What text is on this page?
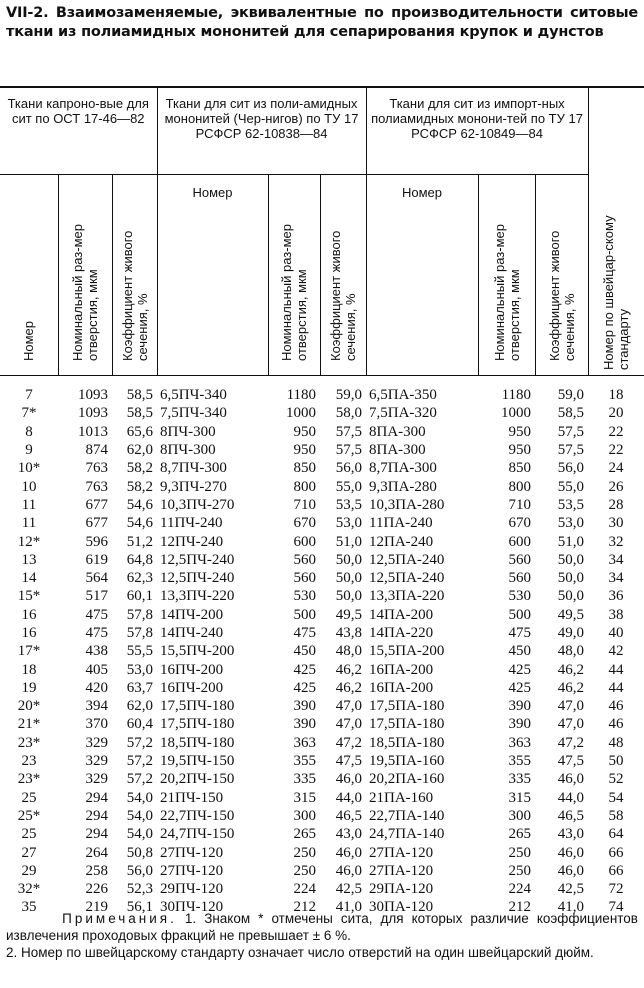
VII-2. Взаимозаменяемые, эквивалентные по производительности ситовые ткани из полиамидных мононитей для сепарирования крупок и дунстов
Ткани капроно-вые для сит по ОСТ 17-46—82			Ткани для сит из поли-амидных мононитей (Чер-нигов) по ТУ 17 РСФСР 62-10838—84			Ткани для сит из импорт-ных полиамидных монони-тей по ТУ 17 РСФСР 62-10849—84			Номер по швейцар-скому стандарту
Номер	Номинальный раз-мер отверстия, мкм	Коэффициент живого сечения, %	Номер	Номинальный раз-мер отверстия, мкм	Коэффициент живого сечения, %	Номер	Номинальный раз-мер отверстия, мкм	Коэффициент живого сечения, %	
7	1093	58,5	6,5ПЧ-340	1180	59,0	6,5ПА-350	1180	59,0	18
7*	1093	58,5	7,5ПЧ-340	1000	58,0	7,5ПА-320	1000	58,5	20
8	1013	65,6	8ПЧ-300	950	57,5	8ПА-300	950	57,5	22
9	874	62,0	8ПЧ-300	950	57,5	8ПА-300	950	57,5	22
10*	763	58,2	8,7ПЧ-300	850	56,0	8,7ПА-300	850	56,0	24
10	763	58,2	9,3ПЧ-270	800	55,0	9,3ПА-280	800	55,0	26
11	677	54,6	10,3ПЧ-270	710	53,5	10,3ПА-280	710	53,5	28
11	677	54,6	11ПЧ-240	670	53,0	11ПА-240	670	53,0	30
12*	596	51,2	12ПЧ-240	600	51,0	12ПА-240	600	51,0	32
13	619	64,8	12,5ПЧ-240	560	50,0	12,5ПА-240	560	50,0	34
14	564	62,3	12,5ПЧ-240	560	50,0	12,5ПА-240	560	50,0	34
15*	517	60,1	13,3ПЧ-220	530	50,0	13,3ПА-220	530	50,0	36
16	475	57,8	14ПЧ-200	500	49,5	14ПА-200	500	49,5	38
16	475	57,8	14ПЧ-240	475	43,8	14ПА-220	475	49,0	40
17*	438	55,5	15,5ПЧ-200	450	48,0	15,5ПА-200	450	48,0	42
18	405	53,0	16ПЧ-200	425	46,2	16ПА-200	425	46,2	44
19	420	63,7	16ПЧ-200	425	46,2	16ПА-200	425	46,2	44
20*	394	62,0	17,5ПЧ-180	390	47,0	17,5ПА-180	390	47,0	46
21*	370	60,4	17,5ПЧ-180	390	47,0	17,5ПА-180	390	47,0	46
23*	329	57,2	18,5ПЧ-180	363	47,2	18,5ПА-180	363	47,2	48
23	329	57,2	19,5ПЧ-150	355	47,5	19,5ПА-160	355	47,5	50
23*	329	57,2	20,2ПЧ-150	335	46,0	20,2ПА-160	335	46,0	52
25	294	54,0	21ПЧ-150	315	44,0	21ПА-160	315	44,0	54
25*	294	54,0	22,7ПЧ-150	300	46,5	22,7ПА-140	300	46,5	58
25	294	54,0	24,7ПЧ-150	265	43,0	24,7ПА-140	265	43,0	64
27	264	50,8	27ПЧ-120	250	46,0	27ПА-120	250	46,0	66
29	258	56,0	27ПЧ-120	250	46,0	27ПА-120	250	46,0	66
32*	226	52,3	29ПЧ-120	224	42,5	29ПА-120	224	42,5	72
35	219	56,1	30ПЧ-120	212	41,0	30ПА-120	212	41,0	74
Примечания. 1. Знаком * отмечены сита, для которых различие коэффициентов извлечения проходовых фракций не превышает ± 6 %.
2. Номер по швейцарскому стандарту означает число отверстий на один швейцарский дюйм.
